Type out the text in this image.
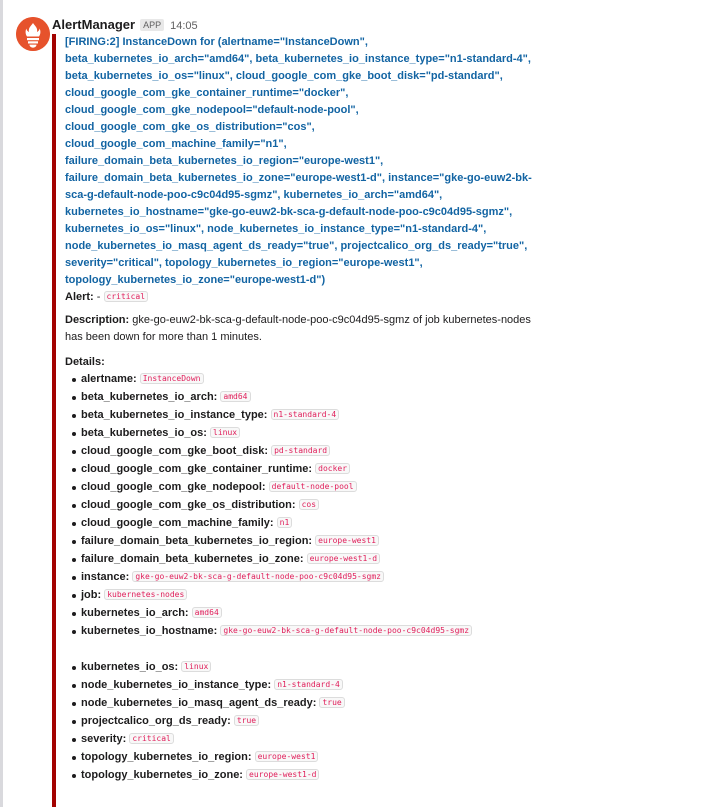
AlertManager APP 14:05

[FIRING:2] InstanceDown for (alertname="InstanceDown", beta_kubernetes_io_arch="amd64", beta_kubernetes_io_instance_type="n1-standard-4", beta_kubernetes_io_os="linux", cloud_google_com_gke_boot_disk="pd-standard", cloud_google_com_gke_container_runtime="docker", cloud_google_com_gke_nodepool="default-node-pool", cloud_google_com_gke_os_distribution="cos", cloud_google_com_machine_family="n1", failure_domain_beta_kubernetes_io_region="europe-west1", failure_domain_beta_kubernetes_io_zone="europe-west1-d", instance="gke-go-euw2-bk-sca-g-default-node-poo-c9c04d95-sgmz", kubernetes_io_arch="amd64", kubernetes_io_hostname="gke-go-euw2-bk-sca-g-default-node-poo-c9c04d95-sgmz", kubernetes_io_os="linux", node_kubernetes_io_instance_type="n1-standard-4", node_kubernetes_io_masq_agent_ds_ready="true", projectcalico_org_ds_ready="true", severity="critical", topology_kubernetes_io_region="europe-west1", topology_kubernetes_io_zone="europe-west1-d")

Alert: - critical

Description: gke-go-euw2-bk-sca-g-default-node-poo-c9c04d95-sgmz of job kubernetes-nodes has been down for more than 1 minutes.

Details:

alertname: InstanceDown
beta_kubernetes_io_arch: amd64
beta_kubernetes_io_instance_type: n1-standard-4
beta_kubernetes_io_os: linux
cloud_google_com_gke_boot_disk: pd-standard
cloud_google_com_gke_container_runtime: docker
cloud_google_com_gke_nodepool: default-node-pool
cloud_google_com_gke_os_distribution: cos
cloud_google_com_machine_family: n1
failure_domain_beta_kubernetes_io_region: europe-west1
failure_domain_beta_kubernetes_io_zone: europe-west1-d
instance: gke-go-euw2-bk-sca-g-default-node-poo-c9c04d95-sgmz
job: kubernetes-nodes
kubernetes_io_arch: amd64
kubernetes_io_hostname: gke-go-euw2-bk-sca-g-default-node-poo-c9c04d95-sgmz
kubernetes_io_os: linux
node_kubernetes_io_instance_type: n1-standard-4
node_kubernetes_io_masq_agent_ds_ready: true
projectcalico_org_ds_ready: true
severity: critical
topology_kubernetes_io_region: europe-west1
topology_kubernetes_io_zone: europe-west1-d
